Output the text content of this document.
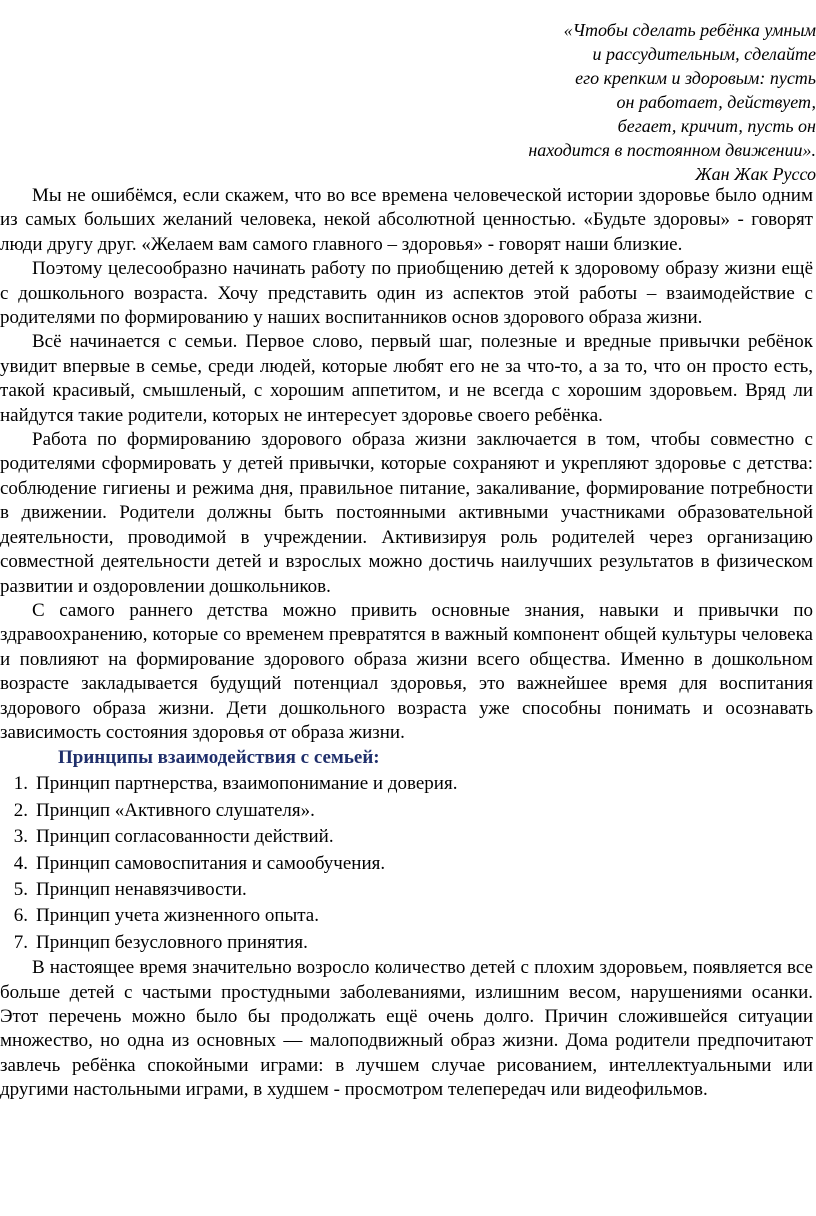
«Чтобы сделать ребёнка умным
и рассудительным, сделайте
его крепким и здоровым: пусть
он работает, действует,
бегает, кричит, пусть он
находится в постоянном движении».
Жан Жак Руссо

Мы не ошибёмся, если скажем, что во все времена человеческой истории здоровье было одним из самых больших желаний человека, некой абсолютной ценностью. «Будьте здоровы» - говорят люди другу друг. «Желаем вам самого главного – здоровья» - говорят наши близкие.

Поэтому целесообразно начинать работу по приобщению детей к здоровому образу жизни ещё с дошкольного возраста. Хочу представить один из аспектов этой работы – взаимодействие с родителями по формированию у наших воспитанников основ здорового образа жизни.

Всё начинается с семьи. Первое слово, первый шаг, полезные и вредные привычки ребёнок увидит впервые в семье, среди людей, которые любят его не за что-то, а за то, что он просто есть, такой красивый, смышленый, с хорошим аппетитом, и не всегда с хорошим здоровьем. Вряд ли найдутся такие родители, которых не интересует здоровье своего ребёнка.

Работа по формированию здорового образа жизни заключается в том, чтобы совместно с родителями сформировать у детей привычки, которые сохраняют и укрепляют здоровье с детства: соблюдение гигиены и режима дня, правильное питание, закаливание, формирование потребности в движении. Родители должны быть постоянными активными участниками образовательной деятельности, проводимой в учреждении. Активизируя роль родителей через организацию совместной деятельности детей и взрослых можно достичь наилучших результатов в физическом развитии и оздоровлении дошкольников.

С самого раннего детства можно привить основные знания, навыки и привычки по здравоохранению, которые со временем превратятся в важный компонент общей культуры человека и повлияют на формирование здорового образа жизни всего общества. Именно в дошкольном возрасте закладывается будущий потенциал здоровья, это важнейшее время для воспитания здорового образа жизни. Дети дошкольного возраста уже способны понимать и осознавать зависимость состояния здоровья от образа жизни.

Принципы взаимодействия с семьей:

1. Принцип партнерства, взаимопонимание и доверия.
2. Принцип «Активного слушателя».
3. Принцип согласованности действий.
4. Принцип самовоспитания и самообучения.
5. Принцип ненавязчивости.
6. Принцип учета жизненного опыта.
7. Принцип безусловного принятия.

В настоящее время значительно возросло количество детей с плохим здоровьем, появляется все больше детей с частыми простудными заболеваниями, излишним весом, нарушениями осанки. Этот перечень можно было бы продолжать ещё очень долго. Причин сложившейся ситуации множество, но одна из основных — малоподвижный образ жизни. Дома родители предпочитают завлечь ребёнка спокойными играми: в лучшем случае рисованием, интеллектуальными или другими настольными играми, в худшем - просмотром телепередач или видеофильмов.
